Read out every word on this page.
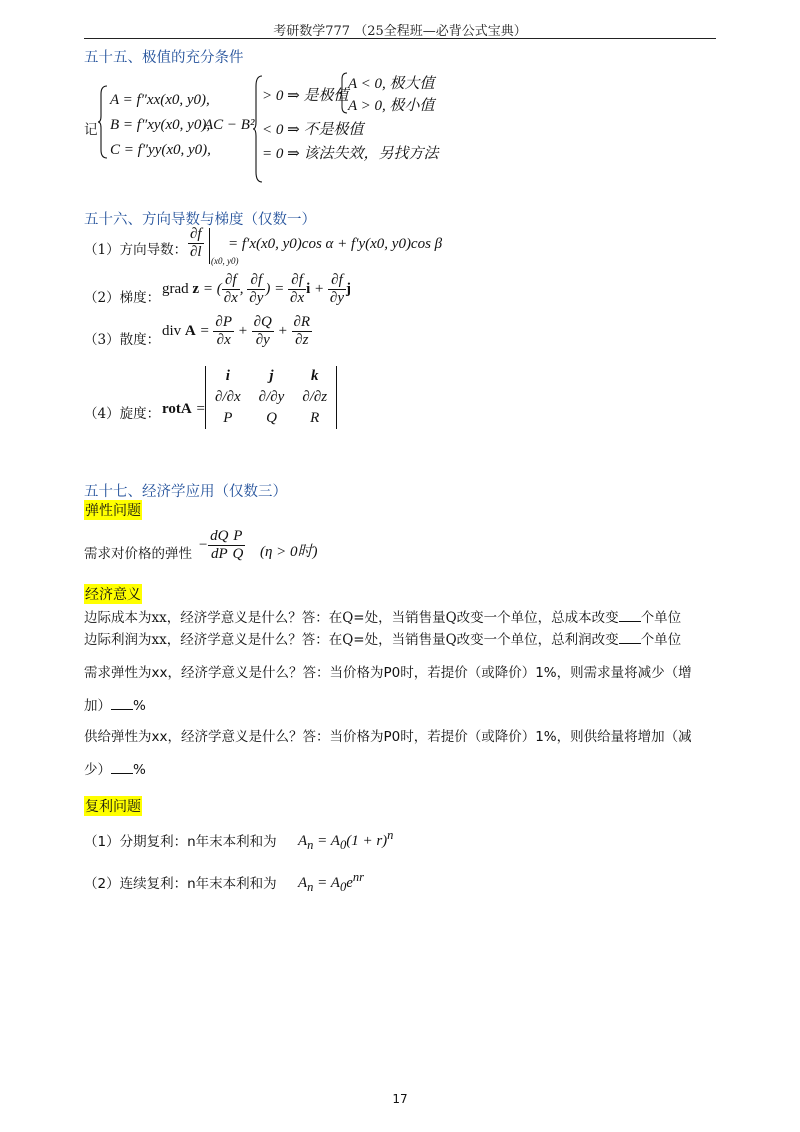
考研数学777 （25全程班—必背公式宝典）
五十五、极值的充分条件
记
A = f″xx(x0, y0),
B = f″xy(x0, y0),
C = f″yy(x0, y0),
AC − B²
> 0 ⇒ 是极值
A < 0, 极大值
A > 0, 极小值
< 0 ⇒ 不是极值
= 0 ⇒ 该法失效，另找方法
五十六、方向导数与梯度（仅数一）
（1）方向导数： $\frac{\partial f}{\partial l} (x0$, y0)
= f′x(x0, y0)cos α + f′y(x0, y0)cos β
（2）梯度：
grad z = ( $\frac{\partial f}{\partial x}$ , $\frac{\partial f}{\partial y}$ ) = $\frac{\partial f}{\partial x}$ $i + \frac{\partial f}{\partial y}$ j
（3）散度：
div $A = \frac{\partial P}{\partial x} + \frac{\partial Q}{\partial y} + \frac{\partial R}{\partial z}$
（4）旋度： rotA =
i	j	k
∂/∂x	∂/∂y	∂/∂z
P	Q	R
五十七、经济学应用（仅数三）
弹性问题
需求对价格的弹性
− $\frac{dQ}{dP} \frac{P}{Q} (\eta > 0$时)
经济意义
边际成本为xx，经济学意义是什么？答：在Q=处，当销售量Q改变一个单位，总成本改变 个单位
边际利润为xx，经济学意义是什么？答：在Q=处，当销售量Q改变一个单位，总利润改变 个单位
需求弹性为xx，经济学意义是什么？答：当价格为P0时，若提价（或降价）1%，则需求量将减少（增
加） %
供给弹性为xx，经济学意义是什么？答：当价格为P0时，若提价（或降价）1%，则供给量将增加（减
少） %
复利问题
（1）分期复利：n年末本利和为 $A_n = A_0(1 + r)^n$
（2）连续复利：n年末本利和为 $A_n = A_0e^{nr}$
17
